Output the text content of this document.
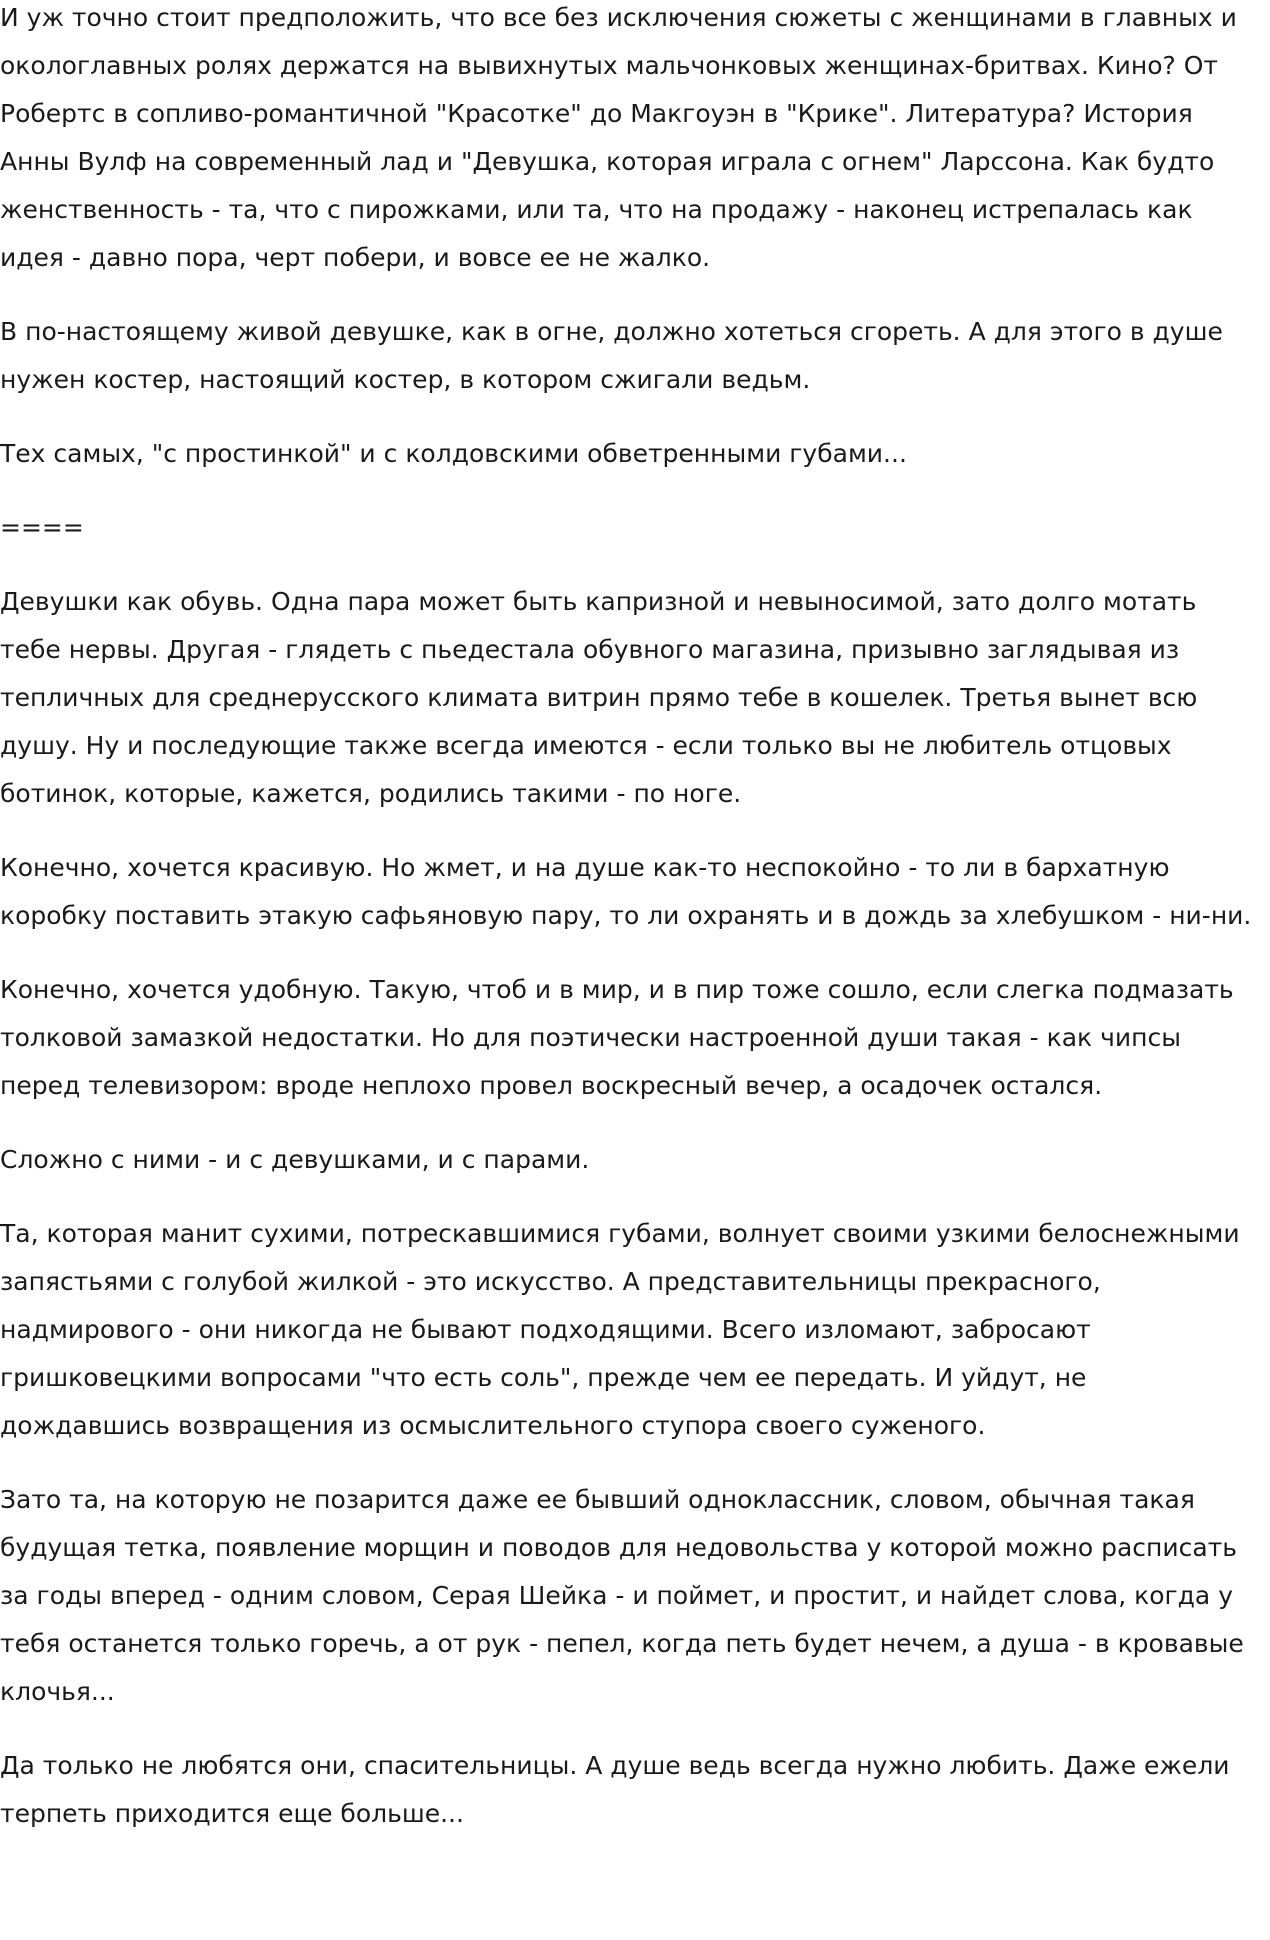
И уж точно стоит предположить, что все без исключения сюжеты с женщинами в главных и окологлавных ролях держатся на вывихнутых мальчонковых женщинах-бритвах. Кино? От Робертс в сопливо-романтичной "Красотке" до Макгоуэн в "Крике". Литература? История Анны Вулф на современный лад и "Девушка, которая играла с огнем" Ларссона. Как будто женственность - та, что с пирожками, или та, что на продажу - наконец истрепалась как идея - давно пора, черт побери, и вовсе ее не жалко.

В по-настоящему живой девушке, как в огне, должно хотеться сгореть. А для этого в душе нужен костер, настоящий костер, в котором сжигали ведьм.

Тех самых, "с простинкой" и с колдовскими обветренными губами...

====

Девушки как обувь. Одна пара может быть капризной и невыносимой, зато долго мотать тебе нервы. Другая - глядеть с пьедестала обувного магазина, призывно заглядывая из тепличных для среднерусского климата витрин прямо тебе в кошелек. Третья вынет всю душу. Ну и последующие также всегда имеются - если только вы не любитель отцовых ботинок, которые, кажется, родились такими - по ноге.

Конечно, хочется красивую. Но жмет, и на душе как-то неспокойно - то ли в бархатную коробку поставить этакую сафьяновую пару, то ли охранять и в дождь за хлебушком - ни-ни.

Конечно, хочется удобную. Такую, чтоб и в мир, и в пир тоже сошло, если слегка подмазать толковой замазкой недостатки. Но для поэтически настроенной души такая - как чипсы перед телевизором: вроде неплохо провел воскресный вечер, а осадочек остался.

Сложно с ними - и с девушками, и с парами.

Та, которая манит сухими, потрескавшимися губами, волнует своими узкими белоснежными запястьями с голубой жилкой - это искусство. А представительницы прекрасного, надмирового - они никогда не бывают подходящими. Всего изломают, забросают гришковецкими вопросами "что есть соль", прежде чем ее передать. И уйдут, не дождавшись возвращения из осмыслительного ступора своего суженого.

Зато та, на которую не позарится даже ее бывший одноклассник, словом, обычная такая будущая тетка, появление морщин и поводов для недовольства у которой можно расписать за годы вперед - одним словом, Серая Шейка - и поймет, и простит, и найдет слова, когда у тебя останется только горечь, а от рук - пепел, когда петь будет нечем, а душа - в кровавые клочья...

Да только не любятся они, спасительницы. А душе ведь всегда нужно любить. Даже ежели терпеть приходится еще больше...
